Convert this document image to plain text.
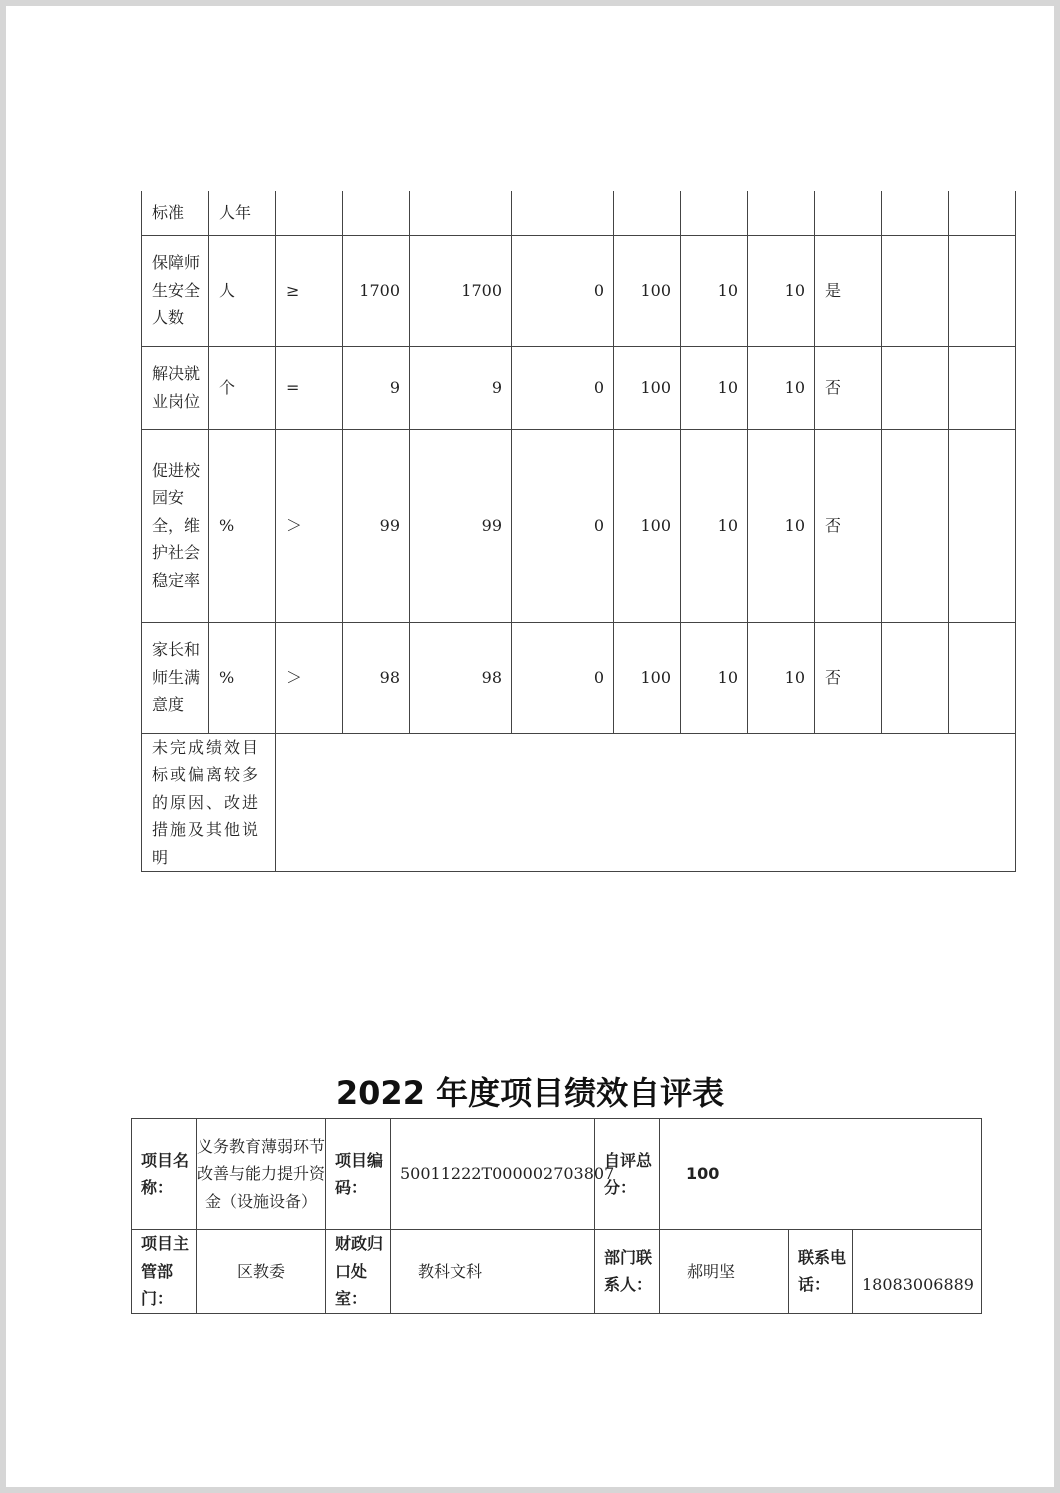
标准	人年										
保障师生安全人数	人	≥	1700	1700	0	100	10	10	是		
解决就业岗位	个	=	9	9	0	100	10	10	否		
促进校园安全，维护社会稳定率	%	＞	99	99	0	100	10	10	否		
家长和师生满意度	%	＞	98	98	0	100	10	10	否		
未完成绩效目标或偏离较多的原因、改进措施及其他说明											
2022 年度项目绩效自评表
项目名称：	义务教育薄弱环节改善与能力提升资金（设施设备）	项目编码：	50011222T000002703807	自评总分：	100		
项目主管部门：	区教委	财政归口处室：	教科文科	部门联系人：	郝明坚	联系电话：	18083006889
